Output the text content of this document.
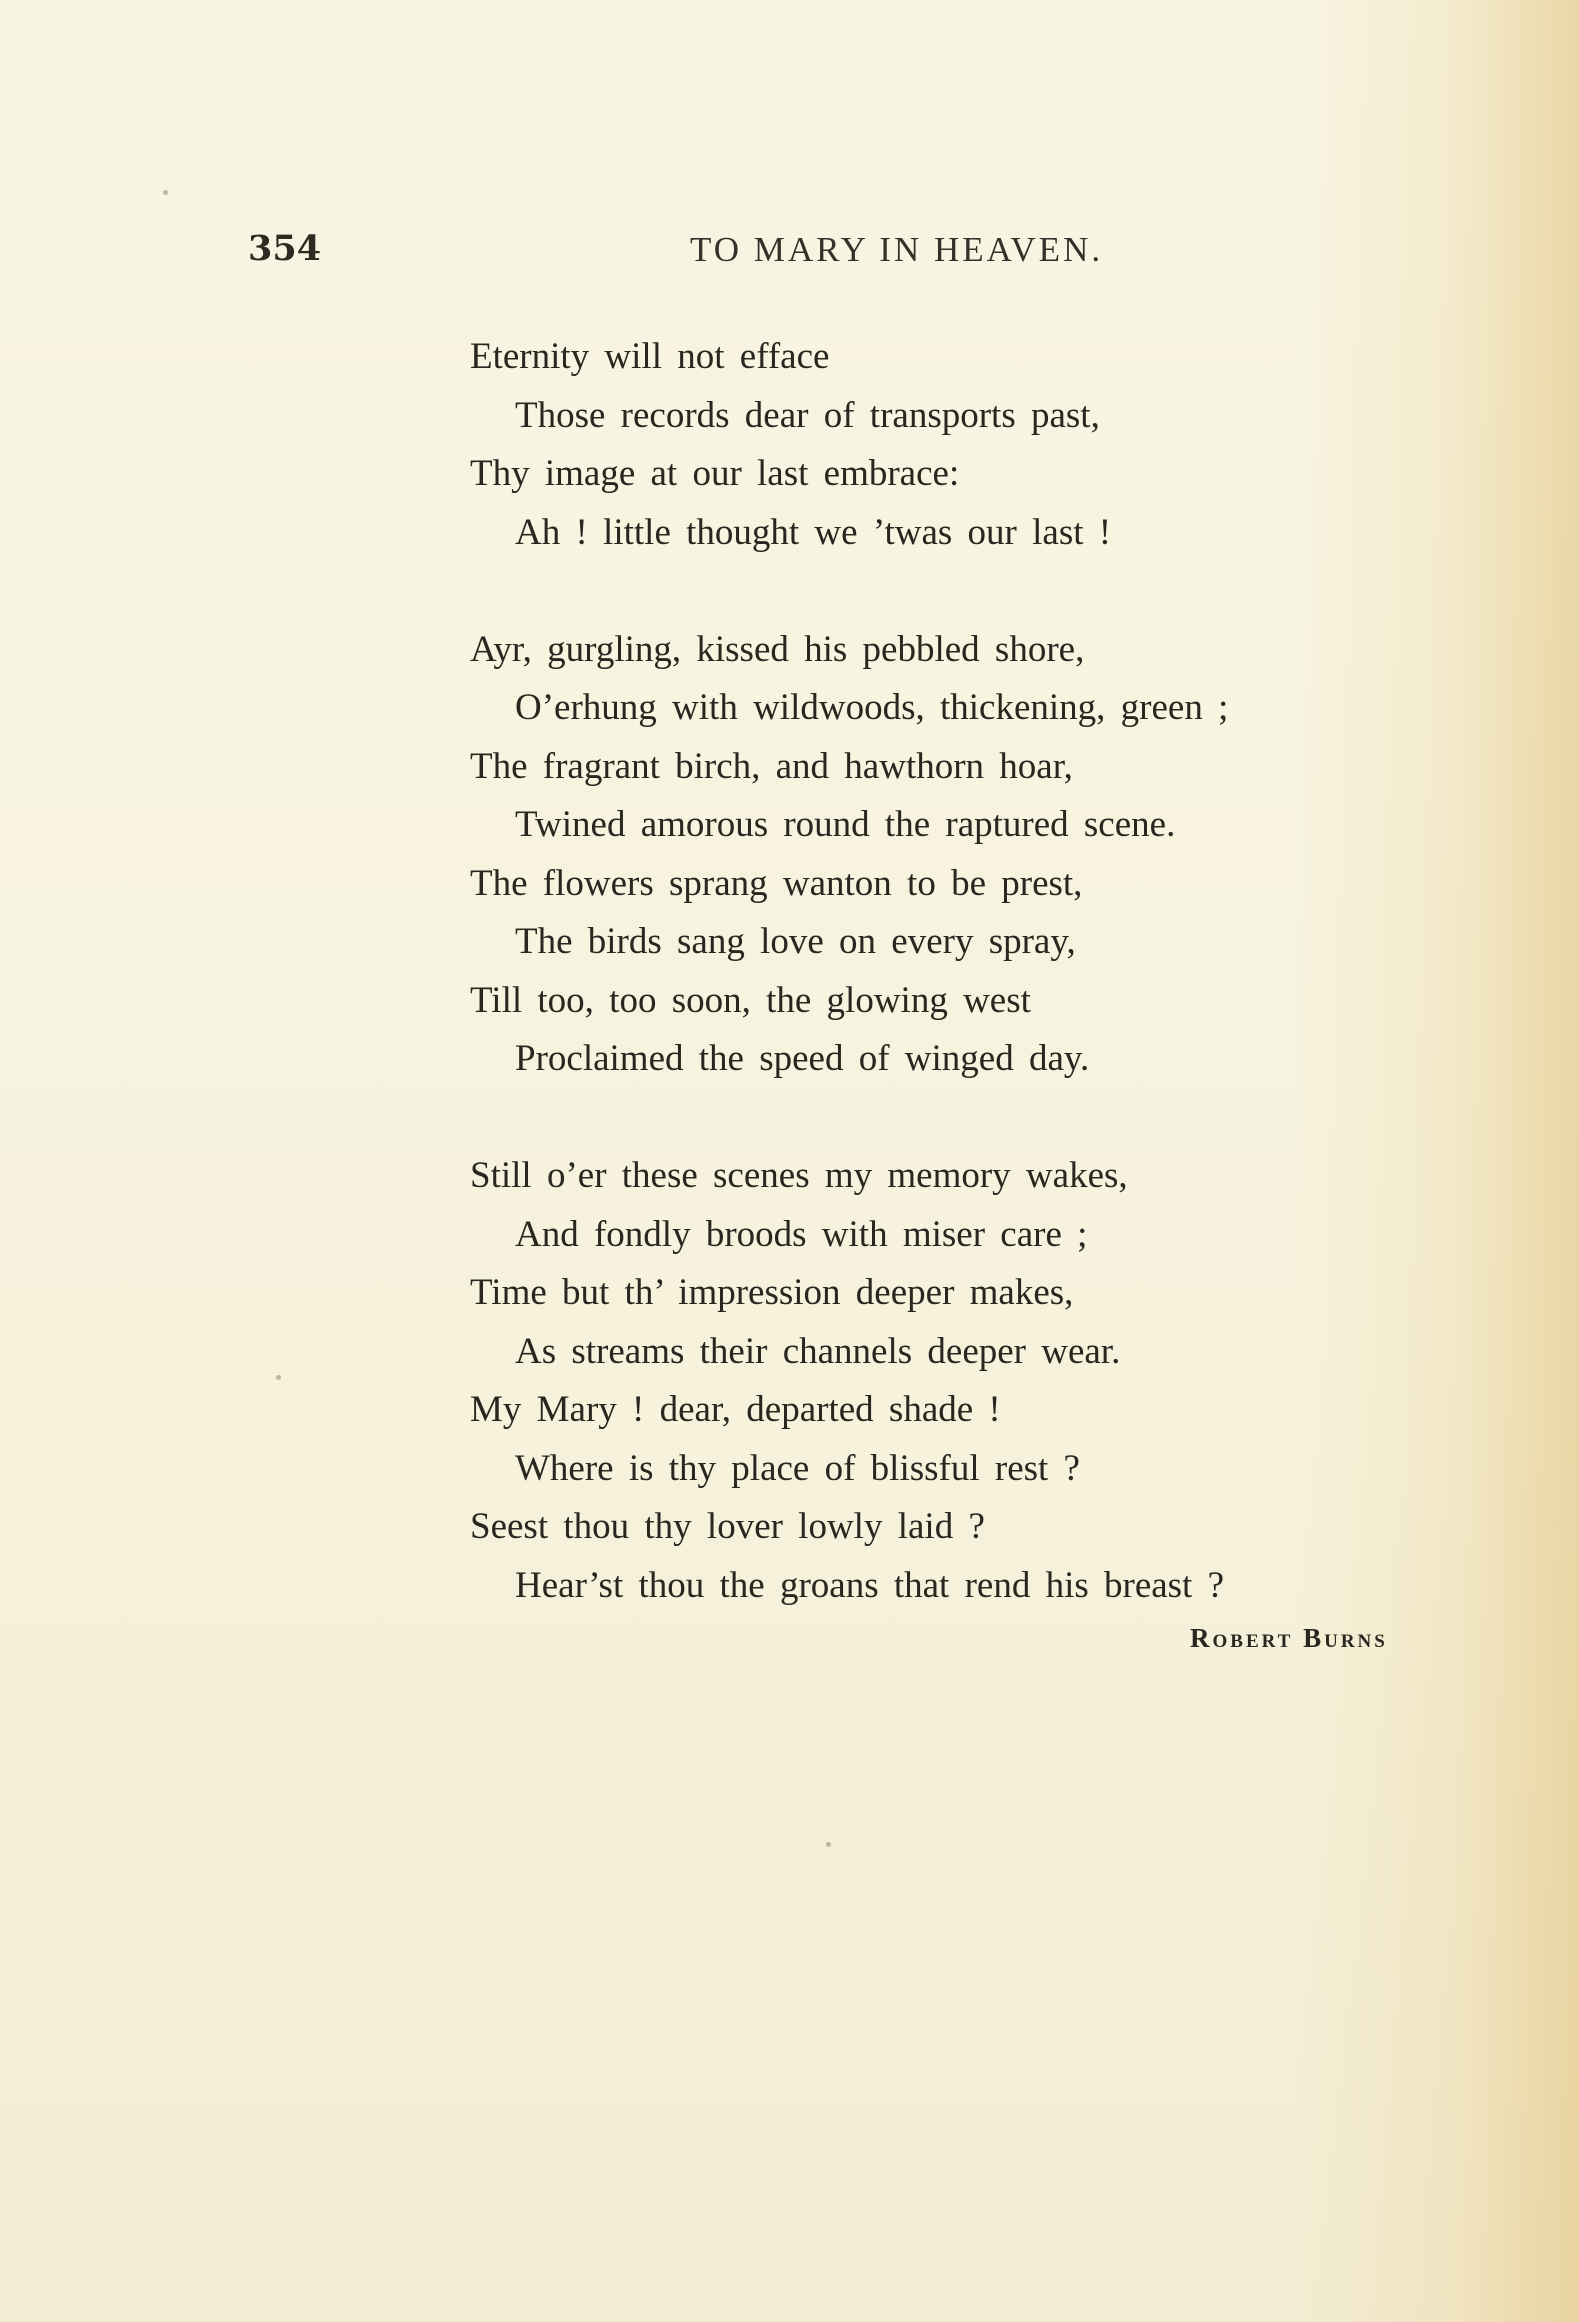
354	TO MARY IN HEAVEN.
Eternity will not efface
Those records dear of transports past,
Thy image at our last embrace:
Ah ! little thought we ’twas our last !
Ayr, gurgling, kissed his pebbled shore,
O’erhung with wildwoods, thickening, green ;
The fragrant birch, and hawthorn hoar,
Twined amorous round the raptured scene.
The flowers sprang wanton to be prest,
The birds sang love on every spray,
Till too, too soon, the glowing west
Proclaimed the speed of winged day.
Still o’er these scenes my memory wakes,
And fondly broods with miser care ;
Time but th’ impression deeper makes,
As streams their channels deeper wear.
My Mary ! dear, departed shade !
Where is thy place of blissful rest ?
Seest thou thy lover lowly laid ?
Hear’st thou the groans that rend his breast ?
Robert Burns
